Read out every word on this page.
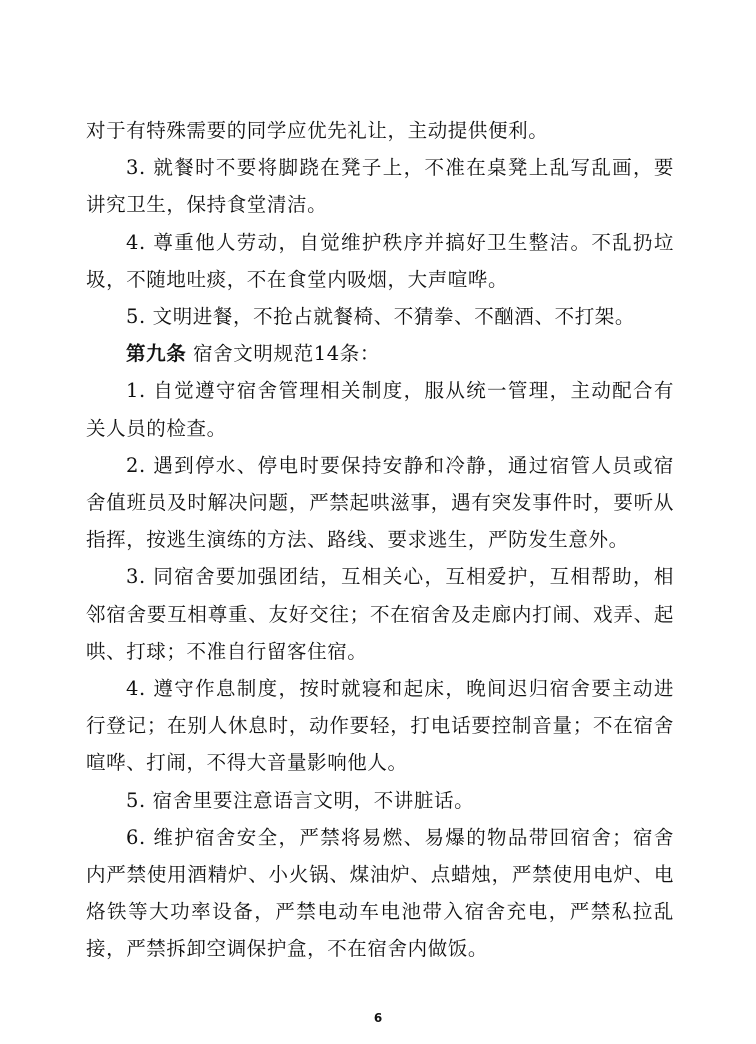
对于有特殊需要的同学应优先礼让，主动提供便利。

3. 就餐时不要将脚跷在凳子上，不准在桌凳上乱写乱画，要讲究卫生，保持食堂清洁。

4. 尊重他人劳动，自觉维护秩序并搞好卫生整洁。不乱扔垃圾，不随地吐痰，不在食堂内吸烟，大声喧哗。

5. 文明进餐，不抢占就餐椅、不猜拳、不酗酒、不打架。

第九条 宿舍文明规范14条：

1. 自觉遵守宿舍管理相关制度，服从统一管理，主动配合有关人员的检查。

2. 遇到停水、停电时要保持安静和冷静，通过宿管人员或宿舍值班员及时解决问题，严禁起哄滋事，遇有突发事件时，要听从指挥，按逃生演练的方法、路线、要求逃生，严防发生意外。

3. 同宿舍要加强团结，互相关心，互相爱护，互相帮助，相邻宿舍要互相尊重、友好交往；不在宿舍及走廊内打闹、戏弄、起哄、打球；不准自行留客住宿。

4. 遵守作息制度，按时就寝和起床，晚间迟归宿舍要主动进行登记；在别人休息时，动作要轻，打电话要控制音量；不在宿舍喧哗、打闹，不得大音量影响他人。

5. 宿舍里要注意语言文明，不讲脏话。

6. 维护宿舍安全，严禁将易燃、易爆的物品带回宿舍；宿舍内严禁使用酒精炉、小火锅、煤油炉、点蜡烛，严禁使用电炉、电烙铁等大功率设备，严禁电动车电池带入宿舍充电，严禁私拉乱接，严禁拆卸空调保护盒，不在宿舍内做饭。

6
